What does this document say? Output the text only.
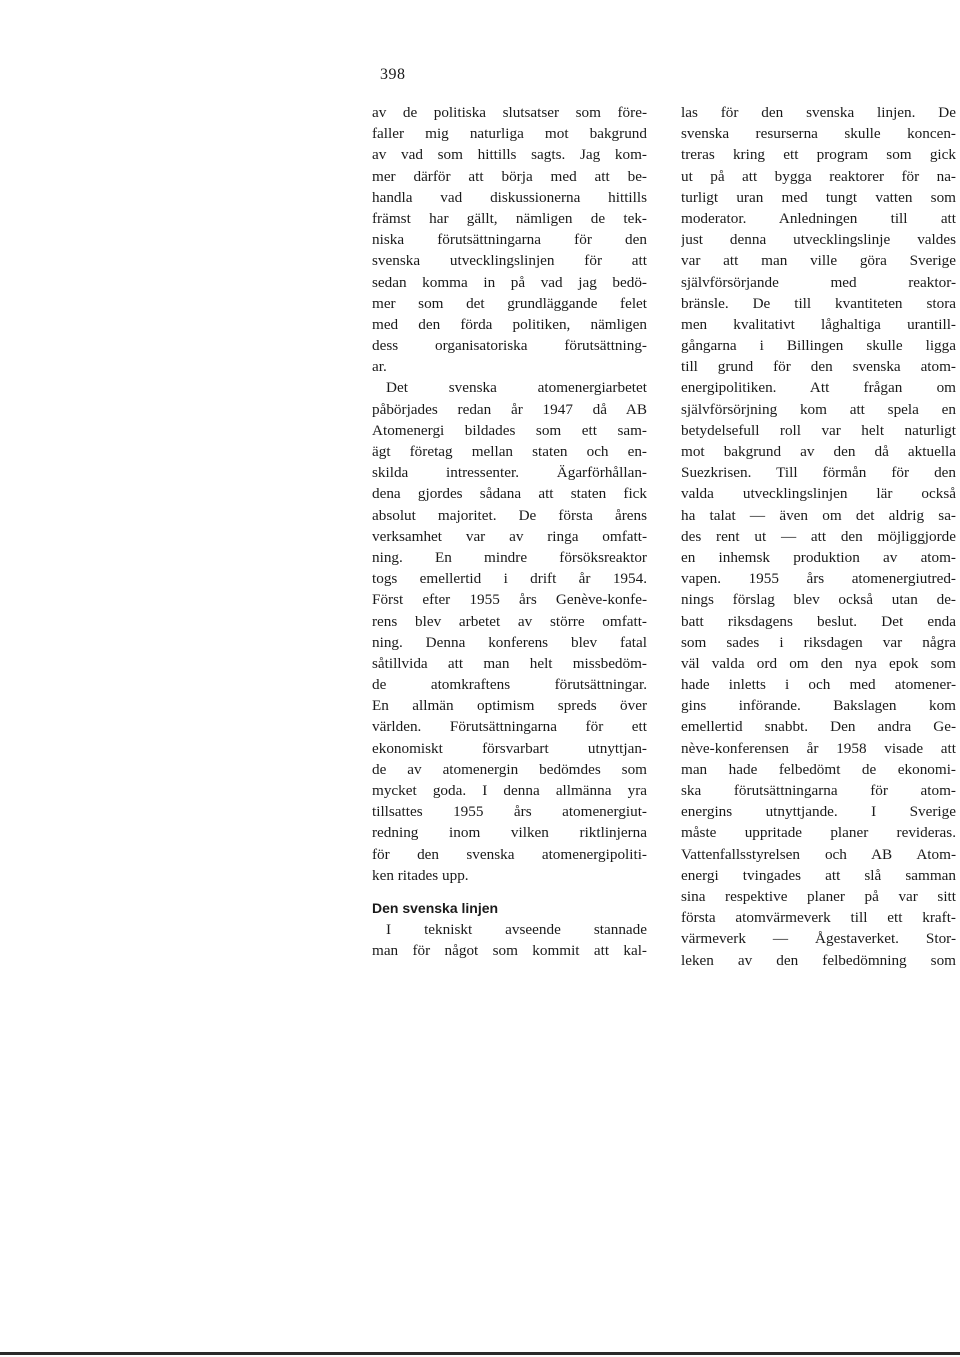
398
av de politiska slutsatser som före-
faller mig naturliga mot bakgrund
av vad som hittills sagts. Jag kom-
mer därför att börja med att be-
handla vad diskussionerna hittills
främst har gällt, nämligen de tek-
niska förutsättningarna för den
svenska utvecklingslinjen för att
sedan komma in på vad jag bedö-
mer som det grundläggande felet
med den förda politiken, nämligen
dess organisatoriska förutsättning-
ar.
Det svenska atomenergiarbetet
påbörjades redan år 1947 då AB
Atomenergi bildades som ett sam-
ägt företag mellan staten och en-
skilda intressenter. Ägarförhållan-
dena gjordes sådana att staten fick
absolut majoritet. De första årens
verksamhet var av ringa omfatt-
ning. En mindre försöksreaktor
togs emellertid i drift år 1954.
Först efter 1955 års Genève-konfe-
rens blev arbetet av större omfatt-
ning. Denna konferens blev fatal
såtillvida att man helt missbedöm-
de atomkraftens förutsättningar.
En allmän optimism spreds över
världen. Förutsättningarna för ett
ekonomiskt försvarbart utnyttjan-
de av atomenergin bedömdes som
mycket goda. I denna allmänna yra
tillsattes 1955 års atomenergiut-
redning inom vilken riktlinjerna
för den svenska atomenergipoliti-
ken ritades upp.
Den svenska linjen
I tekniskt avseende stannade
man för något som kommit att kal-
las för den svenska linjen. De
svenska resurserna skulle koncen-
treras kring ett program som gick
ut på att bygga reaktorer för na-
turligt uran med tungt vatten som
moderator. Anledningen till att
just denna utvecklingslinje valdes
var att man ville göra Sverige
självförsörjande med reaktor-
bränsle. De till kvantiteten stora
men kvalitativt låghaltiga urantill-
gångarna i Billingen skulle ligga
till grund för den svenska atom-
energipolitiken. Att frågan om
självförsörjning kom att spela en
betydelsefull roll var helt naturligt
mot bakgrund av den då aktuella
Suezkrisen. Till förmån för den
valda utvecklingslinjen lär också
ha talat — även om det aldrig sa-
des rent ut — att den möjliggjorde
en inhemsk produktion av atom-
vapen. 1955 års atomenergiutred-
nings förslag blev också utan de-
batt riksdagens beslut. Det enda
som sades i riksdagen var några
väl valda ord om den nya epok som
hade inletts i och med atomener-
gins införande. Bakslagen kom
emellertid snabbt. Den andra Ge-
nève-konferensen år 1958 visade att
man hade felbedömt de ekonomi-
ska förutsättningarna för atom-
energins utnyttjande. I Sverige
måste uppritade planer revideras.
Vattenfallsstyrelsen och AB Atom-
energi tvingades att slå samman
sina respektive planer på var sitt
första atomvärmeverk till ett kraft-
värmeverk — Ågestaverket. Stor-
leken av den felbedömning som
